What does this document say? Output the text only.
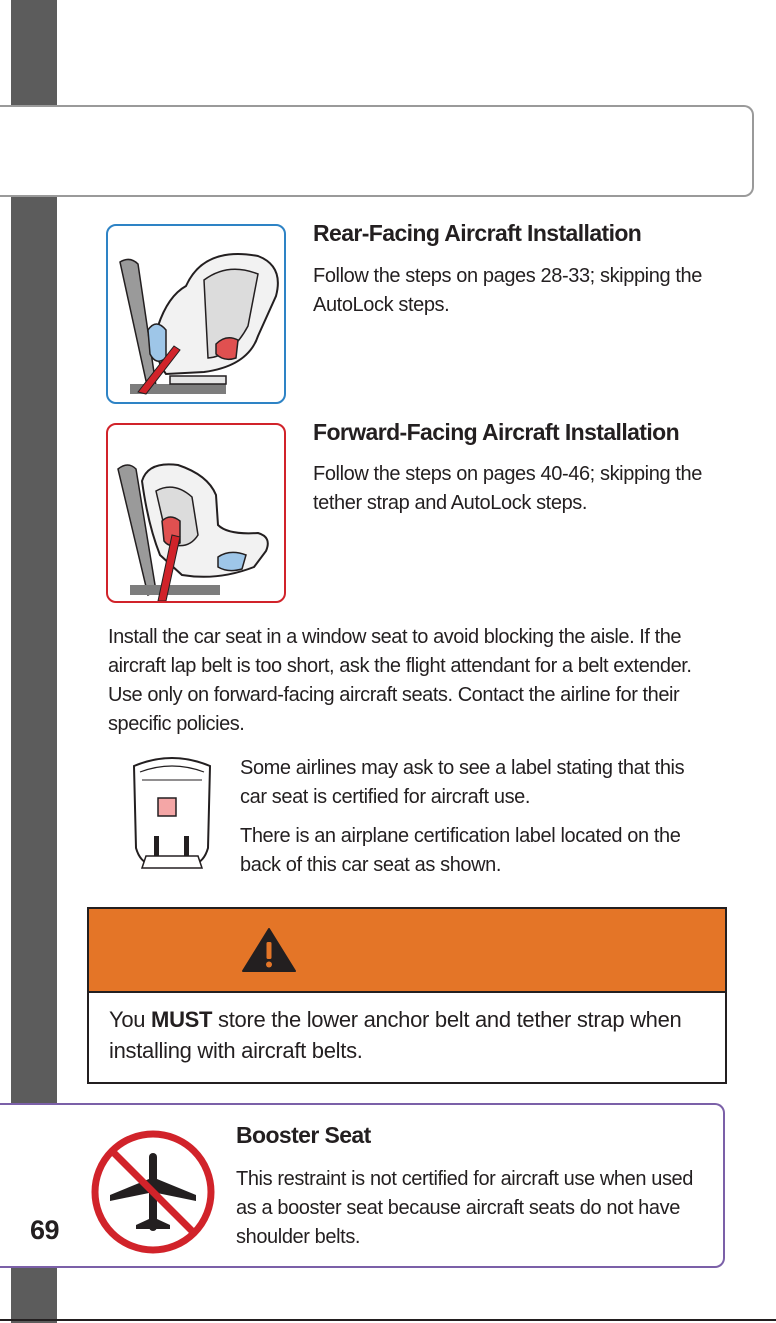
Rear-Facing Aircraft Installation

Follow the steps on pages 28-33; skipping the AutoLock steps.

Forward-Facing Aircraft Installation

Follow the steps on pages 40-46; skipping the tether strap and AutoLock steps.

Install the car seat in a window seat to avoid blocking the aisle. If the aircraft lap belt is too short, ask the flight attendant for a belt extender. Use only on forward-facing aircraft seats. Contact the airline for their specific policies.

Some airlines may ask to see a label stating that this car seat is certified for aircraft use.

There is an airplane certification label located on the back of this car seat as shown.

You MUST store the lower anchor belt and tether strap when installing with aircraft belts.

Booster Seat

This restraint is not certified for aircraft use when used as a booster seat because aircraft seats do not have shoulder belts.

69
